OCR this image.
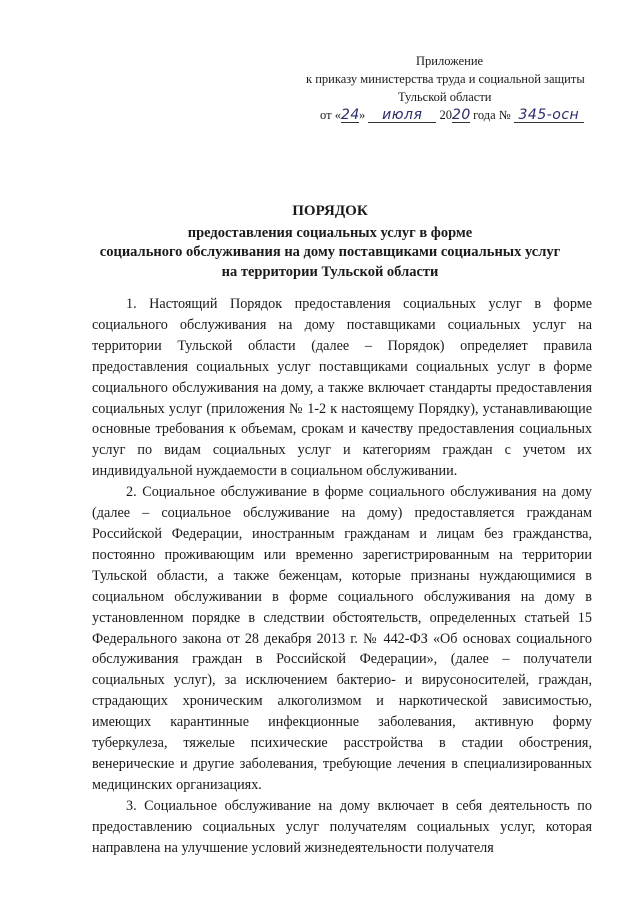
Приложение
к приказу министерства труда и социальной защиты
Тульской области
от «24» июля 2020 года № 345-осн
ПОРЯДОК
предоставления социальных услуг в форме
социального обслуживания на дому поставщиками социальных услуг
на территории Тульской области

1. Настоящий Порядок предоставления социальных услуг в форме социального обслуживания на дому поставщиками социальных услуг на территории Тульской области (далее – Порядок) определяет правила предоставления социальных услуг поставщиками социальных услуг в форме социального обслуживания на дому, а также включает стандарты предоставления социальных услуг (приложения № 1-2 к настоящему Порядку), устанавливающие основные требования к объемам, срокам и качеству предоставления социальных услуг по видам социальных услуг и категориям граждан с учетом их индивидуальной нуждаемости в социальном обслуживании.

2. Социальное обслуживание в форме социального обслуживания на дому (далее – социальное обслуживание на дому) предоставляется гражданам Российской Федерации, иностранным гражданам и лицам без гражданства, постоянно проживающим или временно зарегистрированным на территории Тульской области, а также беженцам, которые признаны нуждающимися в социальном обслуживании в форме социального обслуживания на дому в установленном порядке в следствии обстоятельств, определенных статьей 15 Федерального закона от 28 декабря 2013 г. № 442-ФЗ «Об основах социального обслуживания граждан в Российской Федерации», (далее – получатели социальных услуг), за исключением бактерио- и вирусоносителей, граждан, страдающих хроническим алкоголизмом и наркотической зависимостью, имеющих карантинные инфекционные заболевания, активную форму туберкулеза, тяжелые психические расстройства в стадии обострения, венерические и другие заболевания, требующие лечения в специализированных медицинских организациях.

3. Социальное обслуживание на дому включает в себя деятельность по предоставлению социальных услуг получателям социальных услуг, которая направлена на улучшение условий жизнедеятельности получателя
